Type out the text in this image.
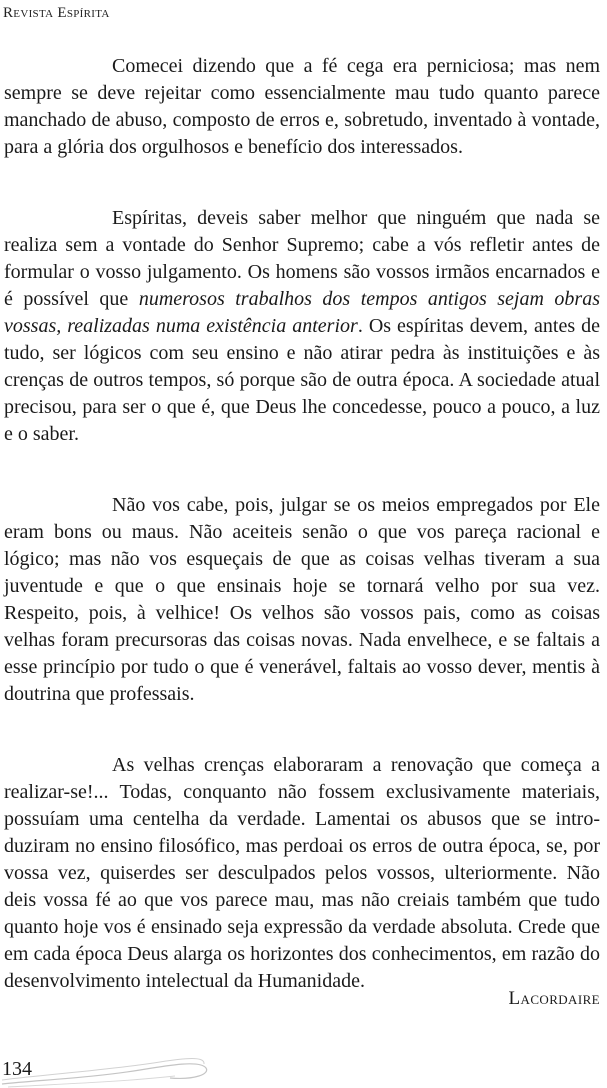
Revista Espírita

Comecei dizendo que a fé cega era perniciosa; mas nem sempre se deve rejeitar como essencialmente mau tudo quanto parece manchado de abuso, composto de erros e, sobretudo, inventado à vontade, para a glória dos orgulhosos e benefício dos interessados.

Espíritas, deveis saber melhor que ninguém que nada se realiza sem a vontade do Senhor Supremo; cabe a vós refletir antes de formular o vosso julgamento. Os homens são vossos irmãos encarnados e é possível que numerosos trabalhos dos tempos antigos sejam obras vossas, realizadas numa existência anterior. Os espíritas devem, antes de tudo, ser lógicos com seu ensino e não atirar pedra às instituições e às crenças de outros tempos, só porque são de outra época. A sociedade atual precisou, para ser o que é, que Deus lhe concedesse, pouco a pouco, a luz e o saber.

Não vos cabe, pois, julgar se os meios empregados por Ele eram bons ou maus. Não aceiteis senão o que vos pareça racional e lógico; mas não vos esqueçais de que as coisas velhas tiveram a sua juventude e que o que ensinais hoje se tornará velho por sua vez. Respeito, pois, à velhice! Os velhos são vossos pais, como as coisas velhas foram precursoras das coisas novas. Nada envelhece, e se faltais a esse princípio por tudo o que é venerável, faltais ao vosso dever, mentis à doutrina que professais.

As velhas crenças elaboraram a renovação que começa a realizar-se!... Todas, conquanto não fossem exclusivamente materiais, possuíam uma centelha da verdade. Lamentai os abusos que se introduziram no ensino filosófico, mas perdoai os erros de outra época, se, por vossa vez, quiserdes ser desculpados pelos vossos, ulteriormente. Não deis vossa fé ao que vos parece mau, mas não creiais também que tudo quanto hoje vos é ensinado seja expressão da verdade absoluta. Crede que em cada época Deus alarga os horizontes dos conhecimentos, em razão do desenvolvimento intelectual da Humanidade.

Lacordaire
134
